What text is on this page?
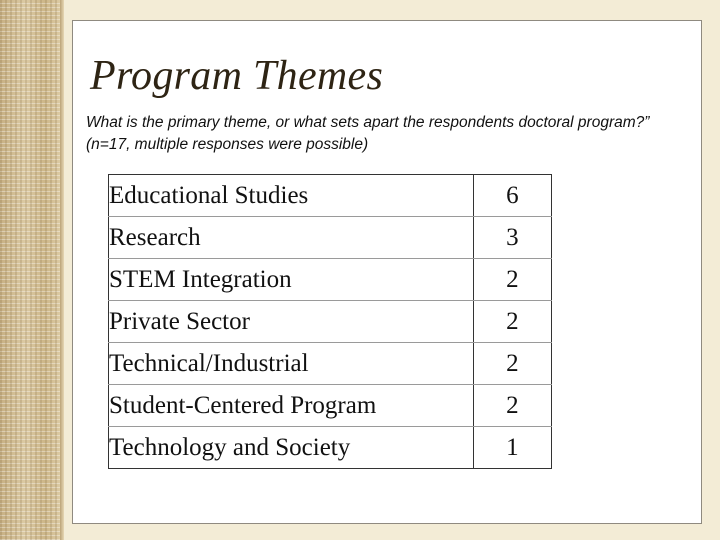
Program Themes

What is the primary theme, or what sets apart the respondents doctoral program?” (n=17, multiple responses were possible)

Educational Studies	6
Research	3
STEM Integration	2
Private Sector	2
Technical/Industrial	2
Student-Centered Program	2
Technology and Society	1
